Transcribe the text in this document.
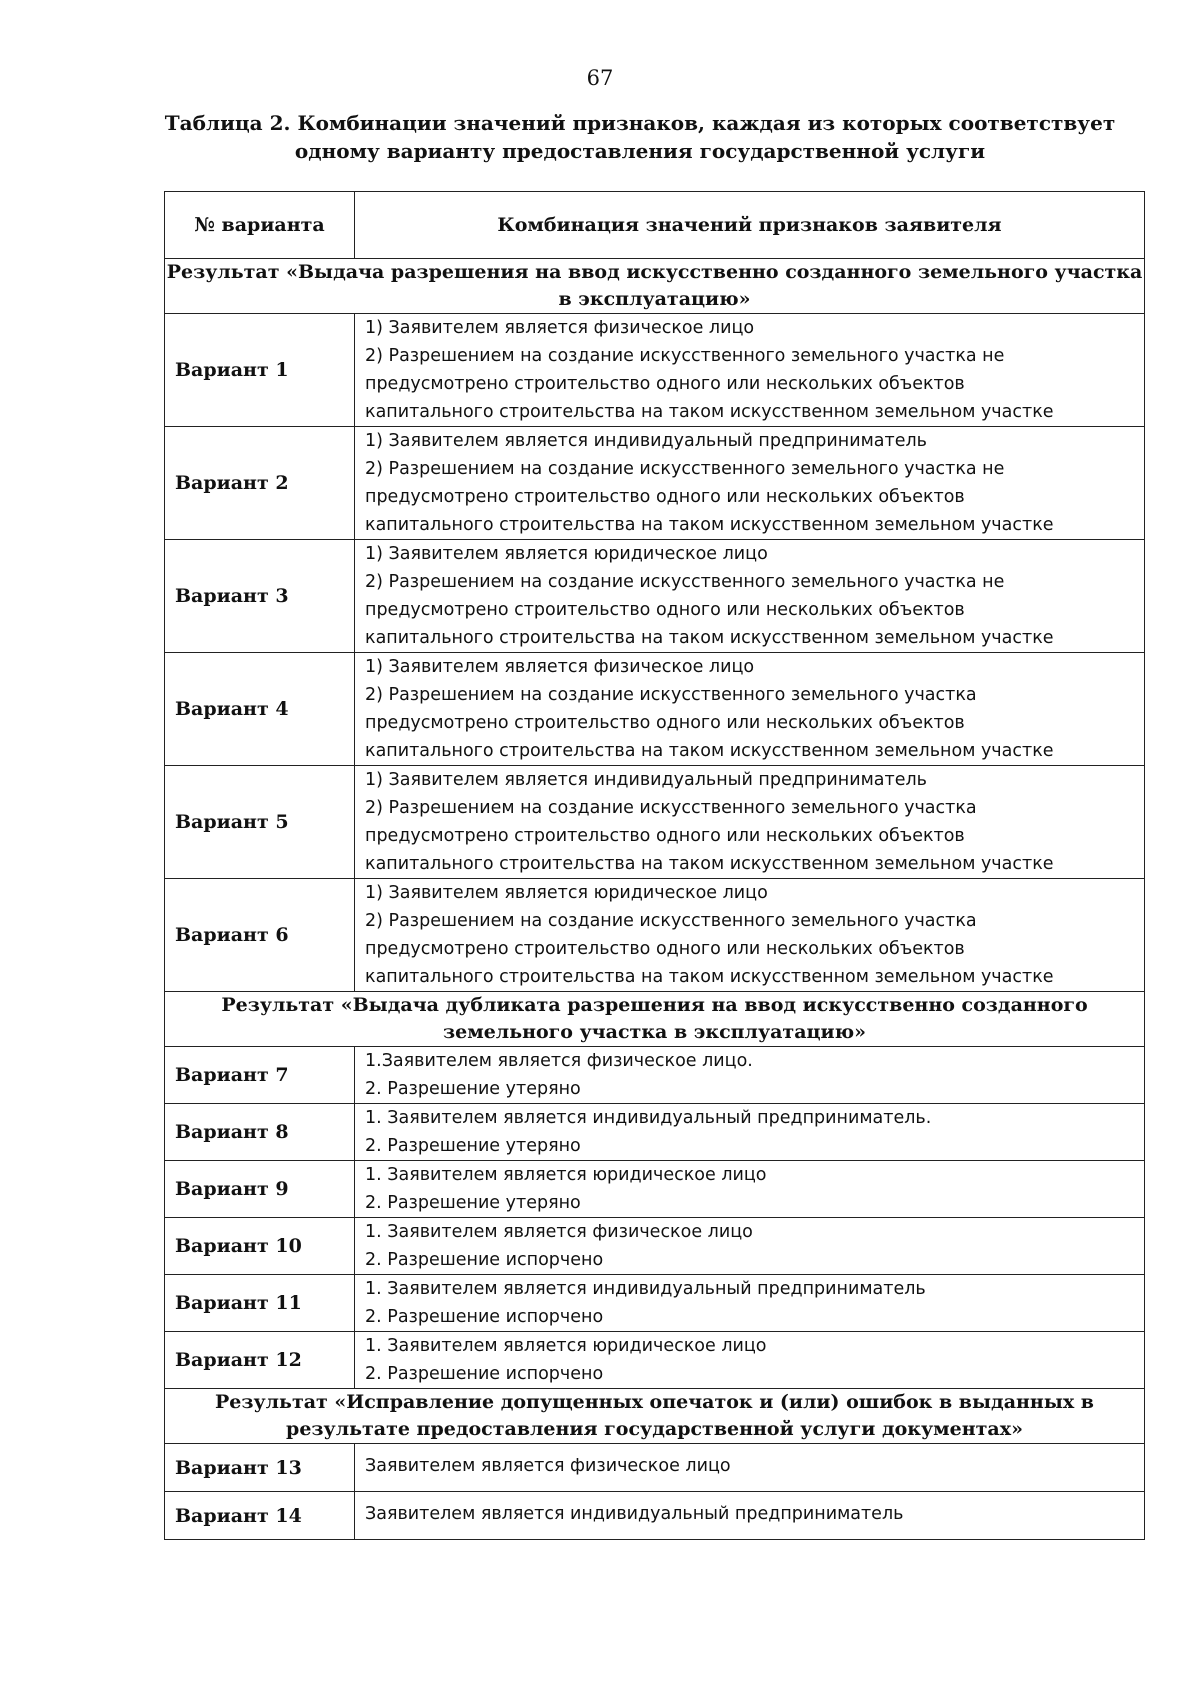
67
Таблица 2. Комбинации значений признаков, каждая из которых соответствует одному варианту предоставления государственной услуги
№ варианта	Комбинация значений признаков заявителя
Результат «Выдача разрешения на ввод искусственно созданного земельного участка в эксплуатацию»	
Вариант 1	1) Заявителем является физическое лицо
2) Разрешением на создание искусственного земельного участка не
предусмотрено строительство одного или нескольких объектов
капитального строительства на таком искусственном земельном участке

Вариант 2	1) Заявителем является индивидуальный предприниматель
2) Разрешением на создание искусственного земельного участка не
предусмотрено строительство одного или нескольких объектов
капитального строительства на таком искусственном земельном участке

Вариант 3	1) Заявителем является юридическое лицо
2) Разрешением на создание искусственного земельного участка не
предусмотрено строительство одного или нескольких объектов
капитального строительства на таком искусственном земельном участке

Вариант 4	1) Заявителем является физическое лицо
2) Разрешением на создание искусственного земельного участка
предусмотрено строительство одного или нескольких объектов
капитального строительства на таком искусственном земельном участке

Вариант 5	1) Заявителем является индивидуальный предприниматель
2) Разрешением на создание искусственного земельного участка
предусмотрено строительство одного или нескольких объектов
капитального строительства на таком искусственном земельном участке

Вариант 6	1) Заявителем является юридическое лицо
2) Разрешением на создание искусственного земельного участка
предусмотрено строительство одного или нескольких объектов
капитального строительства на таком искусственном земельном участке

Результат «Выдача дубликата разрешения на ввод искусственно созданного земельного участка в эксплуатацию»	
Вариант 7	1.Заявителем является физическое лицо.
2. Разрешение утеряно

Вариант 8	1. Заявителем является индивидуальный предприниматель.
2. Разрешение утеряно

Вариант 9	1. Заявителем является юридическое лицо
2. Разрешение утеряно

Вариант 10	1. Заявителем является физическое лицо
2. Разрешение испорчено

Вариант 11	1. Заявителем является индивидуальный предприниматель
2. Разрешение испорчено

Вариант 12	1. Заявителем является юридическое лицо
2. Разрешение испорчено

Результат «Исправление допущенных опечаток и (или) ошибок в выданных в результате предоставления государственной услуги документах»	
Вариант 13	Заявителем является физическое лицо

Вариант 14	Заявителем является индивидуальный предприниматель
